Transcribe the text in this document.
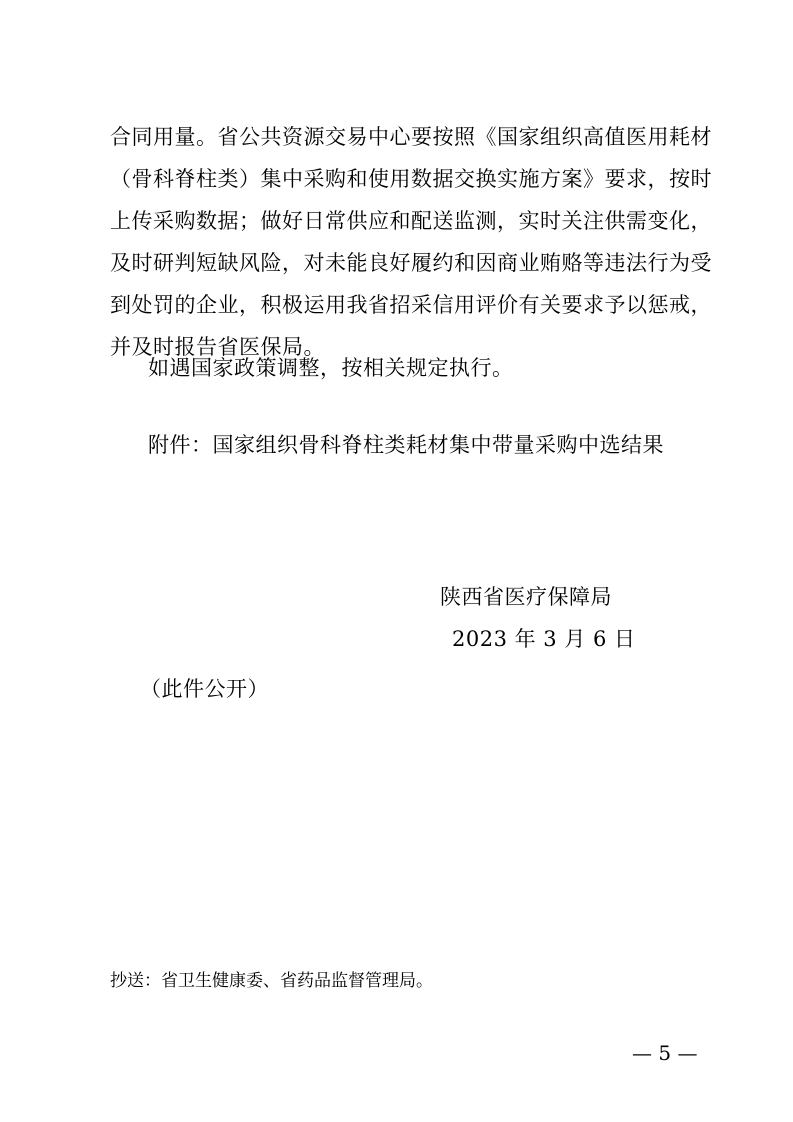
合同用量。省公共资源交易中心要按照《国家组织高值医用耗材
（骨科脊柱类）集中采购和使用数据交换实施方案》要求，按时
上传采购数据；做好日常供应和配送监测，实时关注供需变化，
及时研判短缺风险，对未能良好履约和因商业贿赂等违法行为受
到处罚的企业，积极运用我省招采信用评价有关要求予以惩戒，
并及时报告省医保局。
如遇国家政策调整，按相关规定执行。
附件：国家组织骨科脊柱类耗材集中带量采购中选结果
陕西省医疗保障局
2023 年 3 月 6 日
（此件公开）
抄送：省卫生健康委、省药品监督管理局。
— 5 —
